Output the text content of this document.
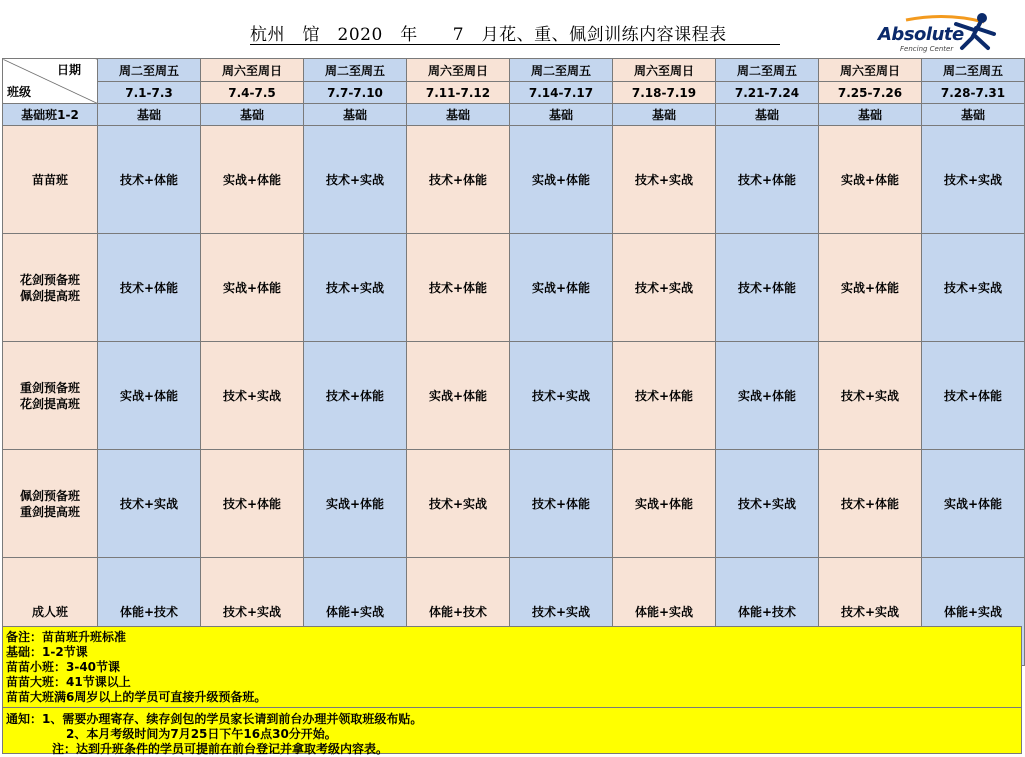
杭州　馆　2020　年　　7　月花、重、佩剑训练内容课程表	Absolute
Fencing Center
日期
班级	周二至周五	周六至周日	周二至周五	周六至周日	周二至周五	周六至周日	周二至周五	周六至周日	周二至周五
	7.1-7.3	7.4-7.5	7.7-7.10	7.11-7.12	7.14-7.17	7.18-7.19	7.21-7.24	7.25-7.26	7.28-7.31

基础班1-2	基础	基础	基础	基础	基础	基础	基础	基础	基础

苗苗班	技术+体能	实战+体能	技术+实战	技术+体能	实战+体能	技术+实战	技术+体能	实战+体能	技术+实战

花剑预备班
佩剑提高班	技术+体能	实战+体能	技术+实战	技术+体能	实战+体能	技术+实战	技术+体能	实战+体能	技术+实战

重剑预备班
花剑提高班	实战+体能	技术+实战	技术+体能	实战+体能	技术+实战	技术+体能	实战+体能	技术+实战	技术+体能

佩剑预备班
重剑提高班	技术+实战	技术+体能	实战+体能	技术+实战	技术+体能	实战+体能	技术+实战	技术+体能	实战+体能

成人班	体能+技术	技术+实战	体能+实战	体能+技术	技术+实战	体能+实战	体能+技术	技术+实战	体能+实战
备注：苗苗班升班标准
基础：1-2节课
苗苗小班：3-40节课
苗苗大班：41节课以上
苗苗大班满6周岁以上的学员可直接升级预备班。
通知：1、需要办理寄存、续存剑包的学员家长请到前台办理并领取班级布贴。
2、本月考级时间为7月25日下午16点30分开始。
注：达到升班条件的学员可提前在前台登记并拿取考级内容表。
